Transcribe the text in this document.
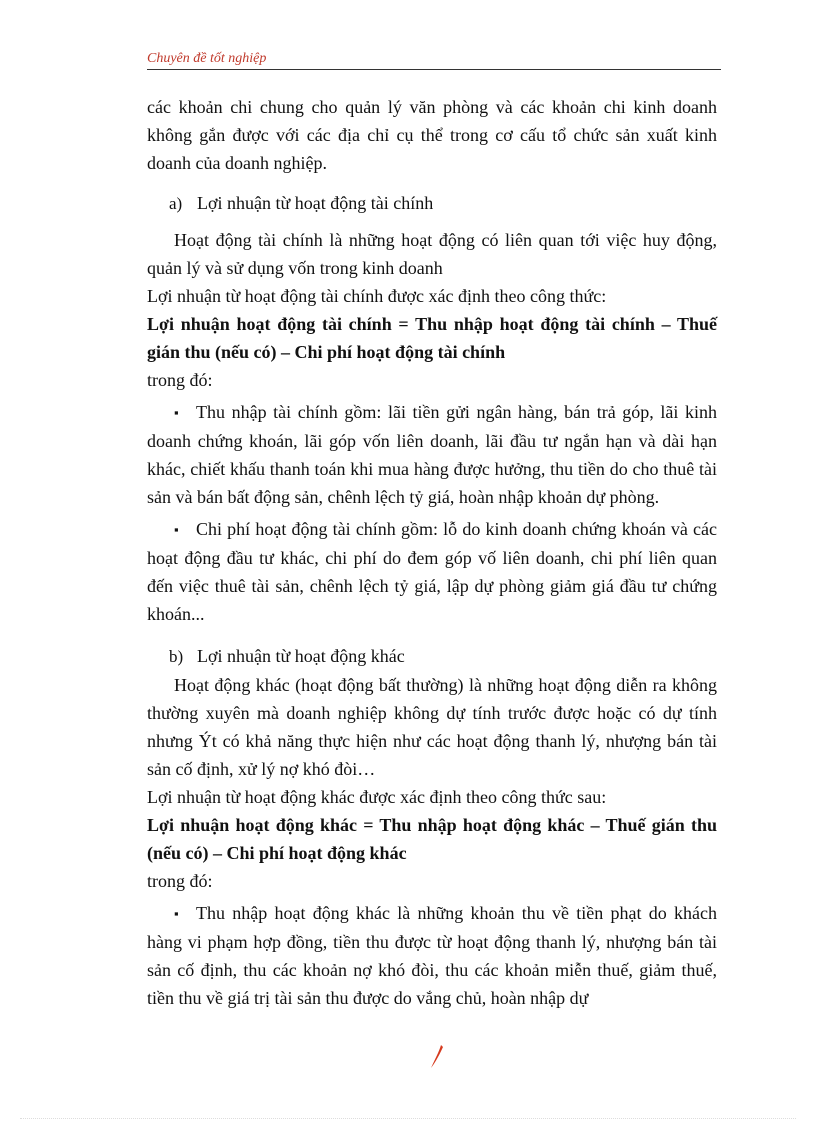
Chuyên đề tốt nghiệp

các khoản chi chung cho quản lý văn phòng và các khoản chi kinh doanh không gắn được với các địa chỉ cụ thể trong cơ cấu tổ chức sản xuất kinh doanh của doanh nghiệp.

a) Lợi nhuận từ hoạt động tài chính

Hoạt động tài chính là những hoạt động có liên quan tới việc huy động, quản lý và sử dụng vốn trong kinh doanh

Lợi nhuận từ hoạt động tài chính được xác định theo công thức:

Lợi nhuận hoạt động tài chính = Thu nhập hoạt động tài chính – Thuế gián thu (nếu có) – Chi phí hoạt động tài chính

trong đó:

▪ Thu nhập tài chính gồm: lãi tiền gửi ngân hàng, bán trả góp, lãi kinh doanh chứng khoán, lãi góp vốn liên doanh, lãi đầu tư ngắn hạn và dài hạn khác, chiết khấu thanh toán khi mua hàng được hưởng, thu tiền do cho thuê tài sản và bán bất động sản, chênh lệch tỷ giá, hoàn nhập khoản dự phòng.

▪ Chi phí hoạt động tài chính gồm: lỗ do kinh doanh chứng khoán và các hoạt động đầu tư khác, chi phí do đem góp vố liên doanh, chi phí liên quan đến việc thuê tài sản, chênh lệch tỷ giá, lập dự phòng giảm giá đầu tư chứng khoán...

b) Lợi nhuận từ hoạt động khác

Hoạt động khác (hoạt động bất thường) là những hoạt động diễn ra không thường xuyên mà doanh nghiệp không dự tính trước được hoặc có dự tính nhưng Ýt có khả năng thực hiện như các hoạt động thanh lý, nhượng bán tài sản cố định, xử lý nợ khó đòi…

Lợi nhuận từ hoạt động khác được xác định theo công thức sau:

Lợi nhuận hoạt động khác = Thu nhập hoạt động khác – Thuế gián thu (nếu có) – Chi phí hoạt động khác

trong đó:

▪ Thu nhập hoạt động khác là những khoản thu về tiền phạt do khách hàng vi phạm hợp đồng, tiền thu được từ hoạt động thanh lý, nhượng bán tài sản cố định, thu các khoản nợ khó đòi, thu các khoản miễn thuế, giảm thuế, tiền thu về giá trị tài sản thu được do vắng chủ, hoàn nhập dự
